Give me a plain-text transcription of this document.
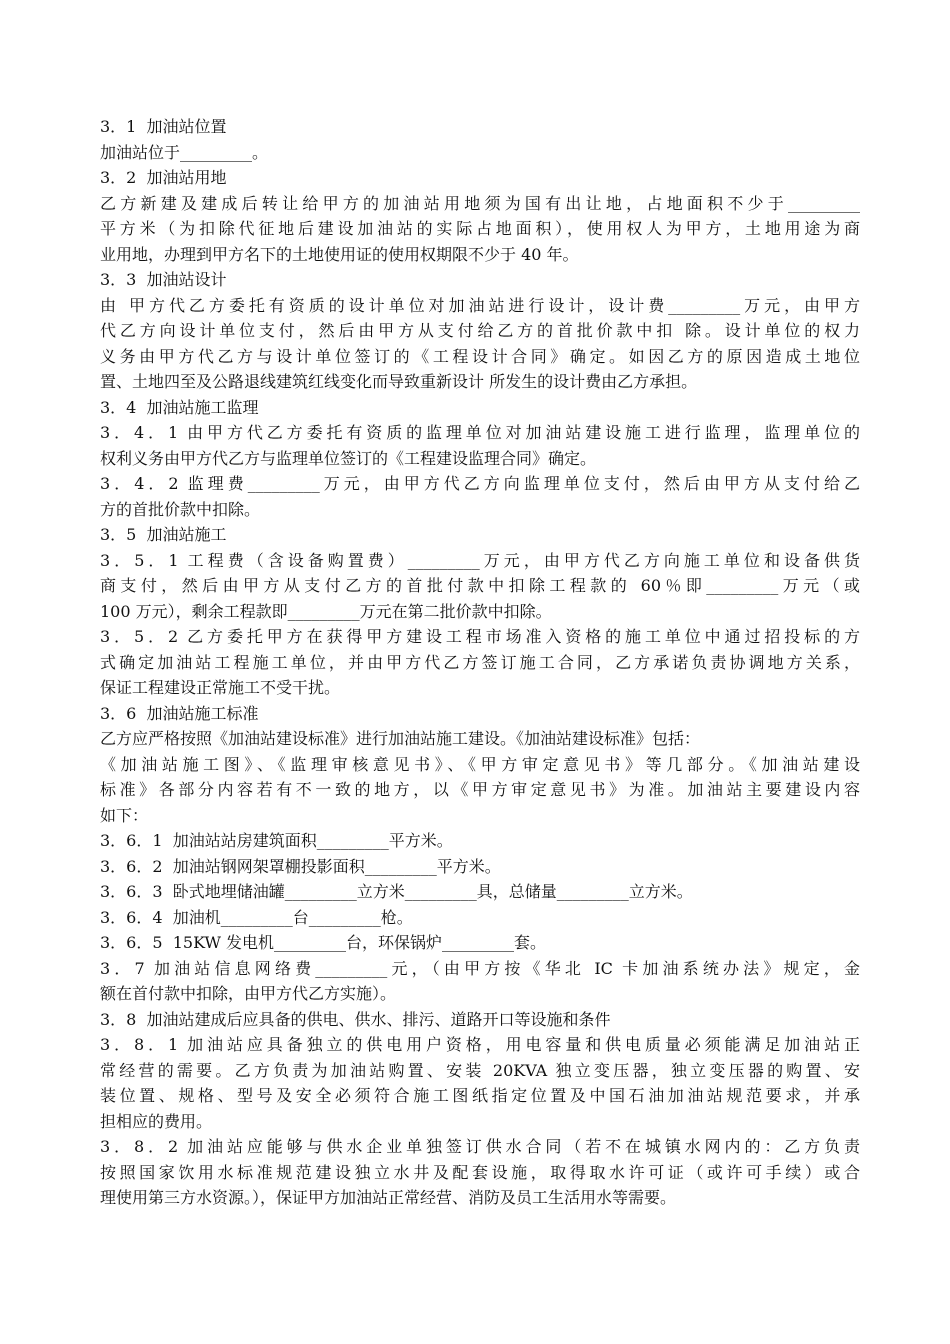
3．1  加油站位置
加油站位于_________。
3．2  加油站用地
乙方新建及建成后转让给甲方的加油站用地须为国有出让地，占地面积不少于_________
平方米（为扣除代征地后建设加油站的实际占地面积），使用权人为甲方，土地用途为商
业用地，办理到甲方名下的土地使用证的使用权期限不少于 40 年。
3．3  加油站设计
由 甲方代乙方委托有资质的设计单位对加油站进行设计，设计费_________万元，由甲方
代乙方向设计单位支付，然后由甲方从支付给乙方的首批价款中扣 除。设计单位的权力
义务由甲方代乙方与设计单位签订的《工程设计合同》确定。如因乙方的原因造成土地位
置、土地四至及公路退线建筑红线变化而导致重新设计 所发生的设计费由乙方承担。
3．4  加油站施工监理
3．4．1 由甲方代乙方委托有资质的监理单位对加油站建设施工进行监理，监理单位的
权利义务由甲方代乙方与监理单位签订的《工程建设监理合同》确定。
3．4．2 监理费_________万元，由甲方代乙方向监理单位支付，然后由甲方从支付给乙
方的首批价款中扣除。
3．5  加油站施工
3．5．1 工程费（含设备购置费）_________万元，由甲方代乙方向施工单位和设备供货
商支付，然后由甲方从支付乙方的首批付款中扣除工程款的 60％即_________万元（或
100 万元），剩余工程款即_________万元在第二批价款中扣除。
3．5．2 乙方委托甲方在获得甲方建设工程市场准入资格的施工单位中通过招投标的方
式确定加油站工程施工单位，并由甲方代乙方签订施工合同，乙方承诺负责协调地方关系，
保证工程建设正常施工不受干扰。
3．6  加油站施工标准
乙方应严格按照《加油站建设标准》进行加油站施工建设。《加油站建设标准》包括：
《加油站施工图》、《监理审核意见书》、《甲方审定意见书》等几部分。《加油站建设
标准》各部分内容若有不一致的地方，以《甲方审定意见书》为准。加油站主要建设内容
如下：
3．6．1  加油站站房建筑面积_________平方米。
3．6．2  加油站钢网架罩棚投影面积_________平方米。
3．6．3  卧式地埋储油罐_________立方米_________具，总储量_________立方米。
3．6．4  加油机_________台_________枪。
3．6．5  15KW 发电机_________台，环保锅炉_________套。
3．7 加油站信息网络费_________元，（由甲方按《华北 IC 卡加油系统办法》规定，金
额在首付款中扣除，由甲方代乙方实施）。
3．8  加油站建成后应具备的供电、供水、排污、道路开口等设施和条件
3．8．1 加油站应具备独立的供电用户资格，用电容量和供电质量必须能满足加油站正
常经营的需要。乙方负责为加油站购置、安装 20KVA 独立变压器，独立变压器的购置、安
装位置、规格、型号及安全必须符合施工图纸指定位置及中国石油加油站规范要求，并承
担相应的费用。
3．8．2 加油站应能够与供水企业单独签订供水合同（若不在城镇水网内的：乙方负责
按照国家饮用水标准规范建设独立水井及配套设施，取得取水许可证（或许可手续）或合
理使用第三方水资源。），保证甲方加油站正常经营、消防及员工生活用水等需要。
